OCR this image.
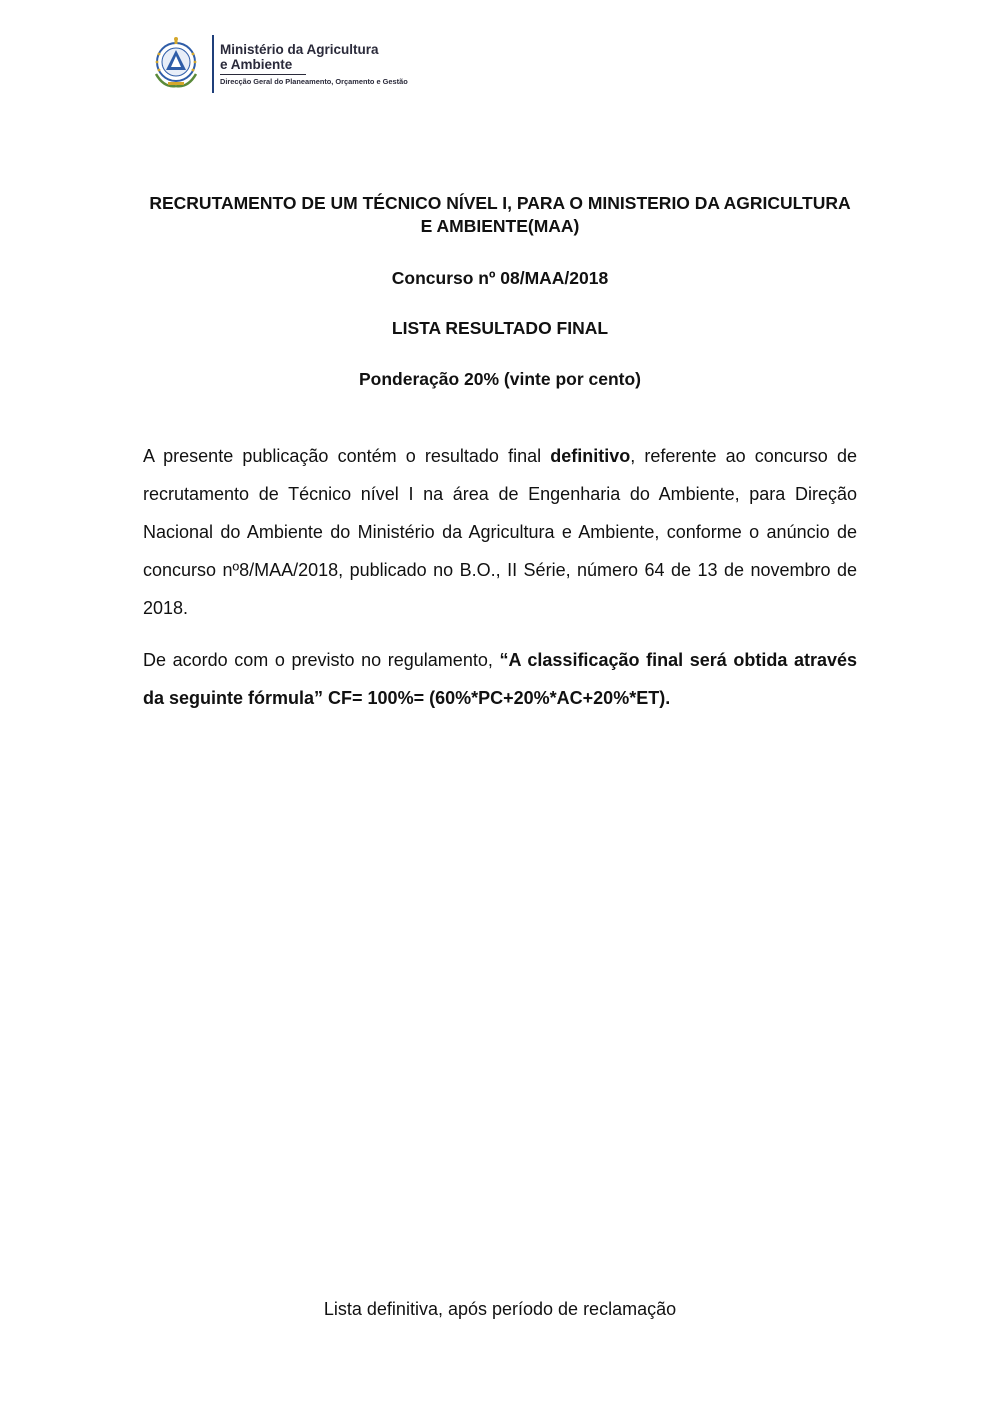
Ministério da Agricultura
e Ambiente
Direcção Geral do Planeamento, Orçamento e Gestão
RECRUTAMENTO DE UM TÉCNICO NÍVEL I, PARA O MINISTERIO DA AGRICULTURA
E AMBIENTE(MAA)
Concurso nº 08/MAA/2018
LISTA RESULTADO FINAL
Ponderação 20% (vinte por cento)

A presente publicação contém o resultado final definitivo, referente ao concurso de recrutamento de Técnico nível I na área de Engenharia do Ambiente, para Direção Nacional do Ambiente do Ministério da Agricultura e Ambiente, conforme o anúncio de concurso nº8/MAA/2018, publicado no B.O., II Série, número 64 de 13 de novembro de 2018.

De acordo com o previsto no regulamento, “A classificação final será obtida através da seguinte fórmula” CF= 100%= (60%*PC+20%*AC+20%*ET).

Lista definitiva, após período de reclamação
